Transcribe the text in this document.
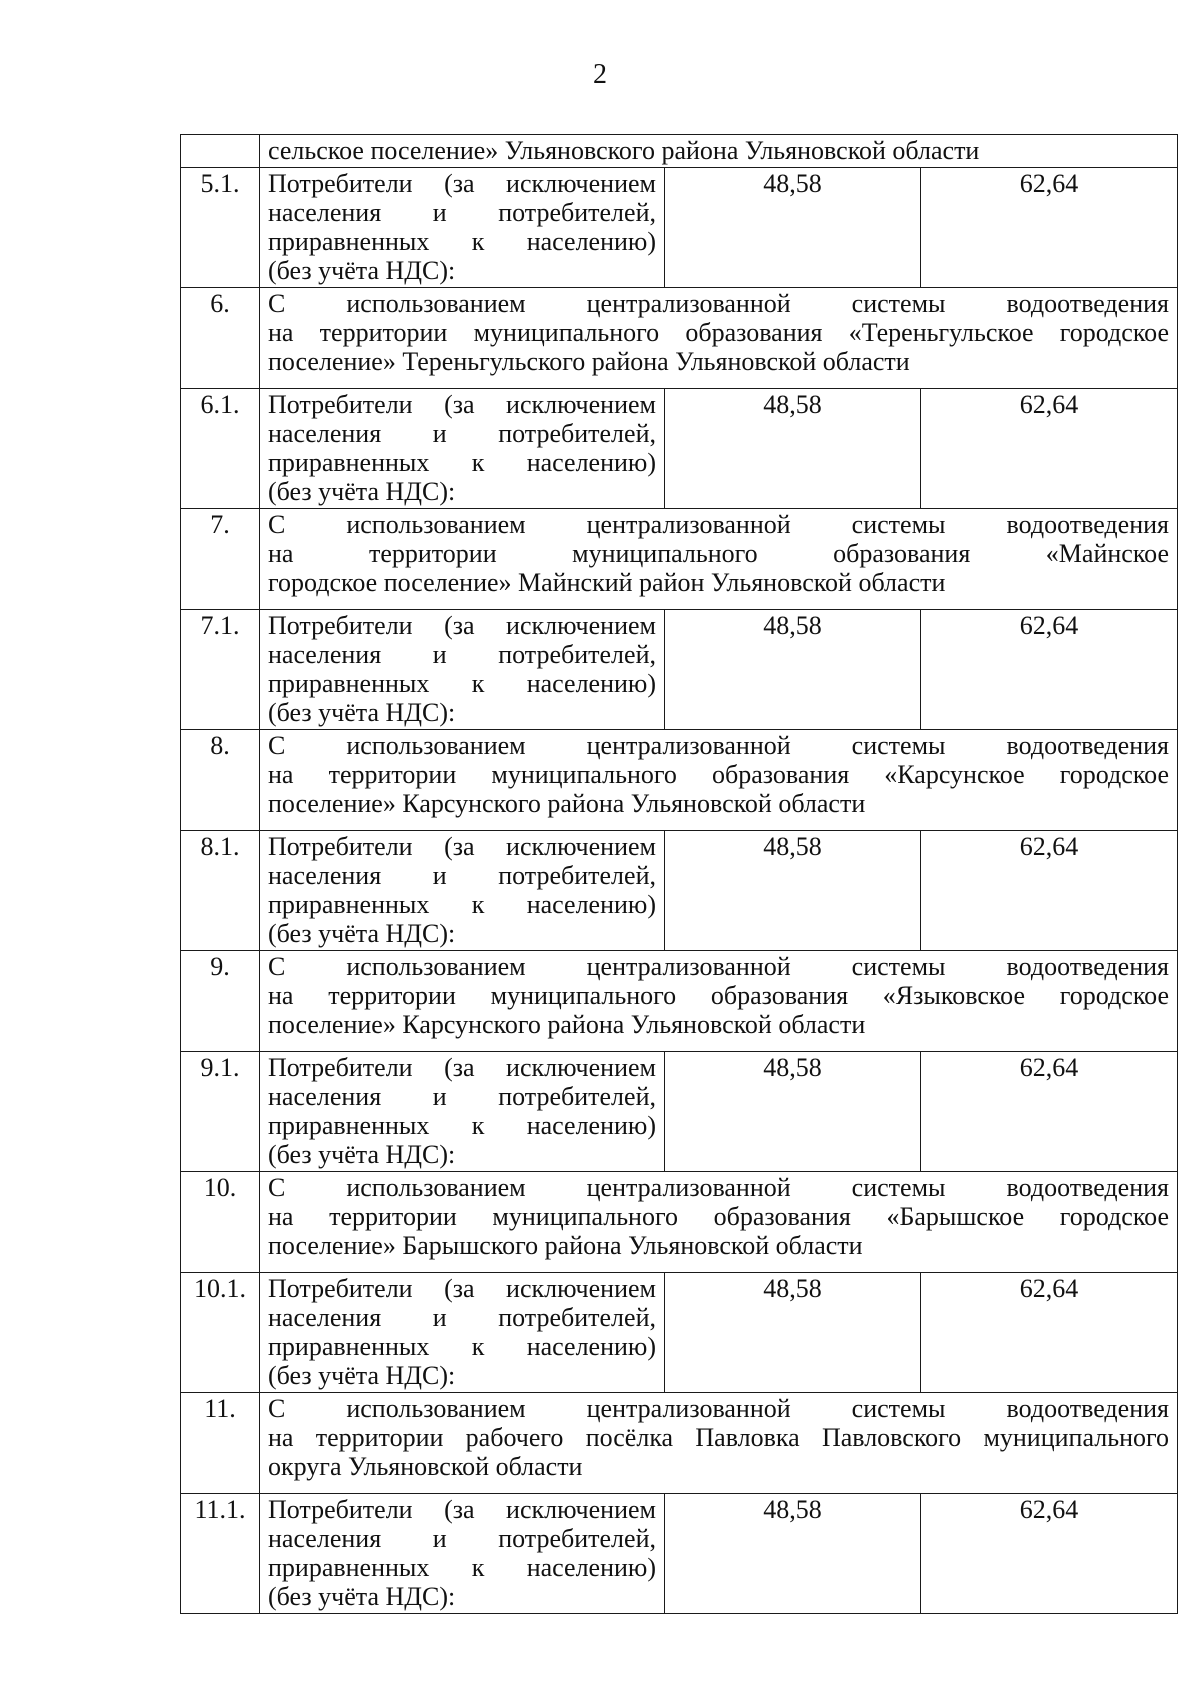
2
	сельское поселение» Ульяновского района Ульяновской области		
5.1.	Потребители (за исключением
населения и потребителей,
приравненных к населению)
(без учёта НДС):	48,58	62,64
6.	С использованием централизованной системы водоотведения
на территории муниципального образования «Тереньгульское городское
поселение» Тереньгульского района Ульяновской области		

6.1.	Потребители (за исключением
населения и потребителей,
приравненных к населению)
(без учёта НДС):	48,58	62,64
7.	С использованием централизованной системы водоотведения
на территории муниципального образования «Майнское
городское поселение» Майнский район Ульяновской области		

7.1.	Потребители (за исключением
населения и потребителей,
приравненных к населению)
(без учёта НДС):	48,58	62,64
8.	С использованием централизованной системы водоотведения
на территории муниципального образования «Карсунское городское
поселение» Карсунского района Ульяновской области		

8.1.	Потребители (за исключением
населения и потребителей,
приравненных к населению)
(без учёта НДС):	48,58	62,64
9.	С использованием централизованной системы водоотведения
на территории муниципального образования «Языковское городское
поселение» Карсунского района Ульяновской области		

9.1.	Потребители (за исключением
населения и потребителей,
приравненных к населению)
(без учёта НДС):	48,58	62,64
10.	С использованием централизованной системы водоотведения
на территории муниципального образования «Барышское городское
поселение» Барышского района Ульяновской области		

10.1.	Потребители (за исключением
населения и потребителей,
приравненных к населению)
(без учёта НДС):	48,58	62,64
11.	С использованием централизованной системы водоотведения
на территории рабочего посёлка Павловка Павловского муниципального
округа Ульяновской области		

11.1.	Потребители (за исключением
населения и потребителей,
приравненных к населению)
(без учёта НДС):	48,58	62,64
